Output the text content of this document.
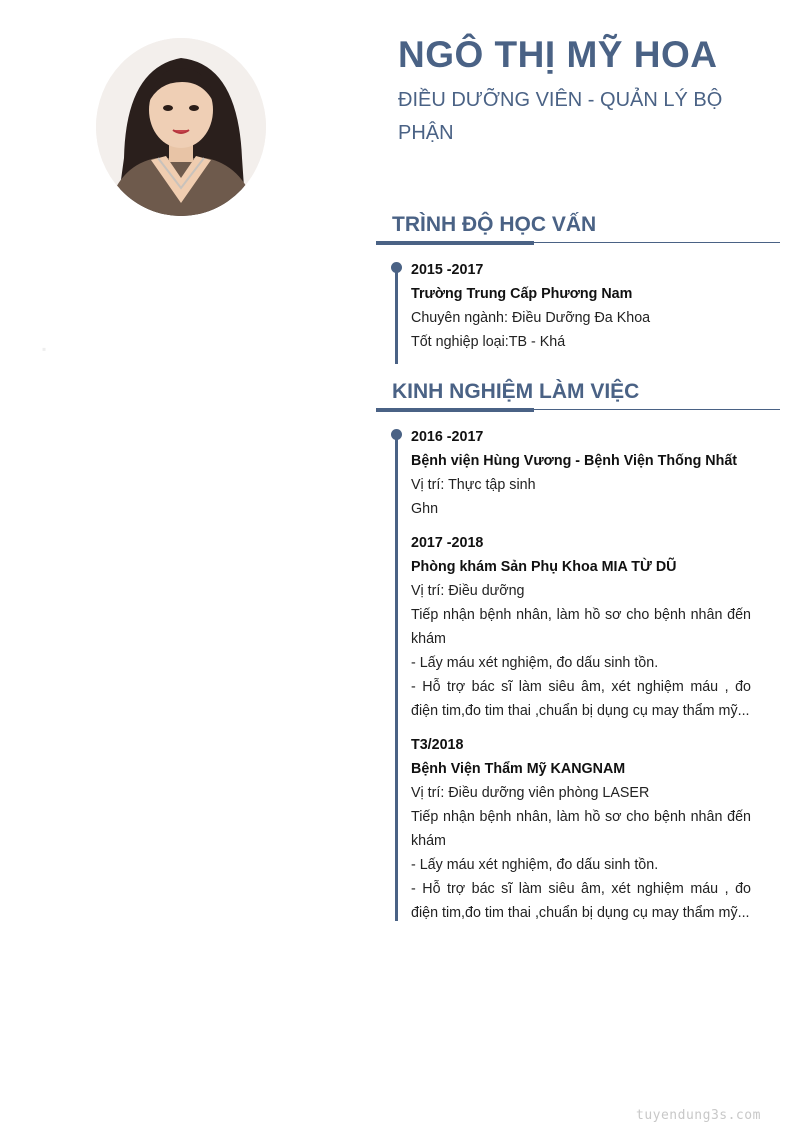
▪
NGÔ THỊ MỸ HOA

ĐIỀU DƯỠNG VIÊN - QUẢN LÝ BỘ PHẬN

TRÌNH ĐỘ HỌC VẤN

2015 -2017

Trường Trung Cấp Phương Nam

Chuyên ngành: Điều Dưỡng Đa Khoa

Tốt nghiệp loại:TB - Khá

KINH NGHIỆM LÀM VIỆC

2016 -2017

Bệnh viện Hùng Vương - Bệnh Viện Thống Nhất

Vị trí: Thực tập sinh

Ghn

2017 -2018

Phòng khám Sản Phụ Khoa MIA TỪ DŨ

Vị trí: Điều dưỡng

Tiếp nhận bệnh nhân, làm hồ sơ cho bệnh nhân đến khám

- Lấy máu xét nghiệm, đo dấu sinh tồn.

- Hỗ trợ bác sĩ làm siêu âm, xét nghiệm máu , đo điện tim,đo tim thai ,chuẩn bị dụng cụ may thẩm mỹ...

T3/2018

Bệnh Viện Thẩm Mỹ KANGNAM

Vị trí: Điều dưỡng viên phòng LASER

Tiếp nhận bệnh nhân, làm hồ sơ cho bệnh nhân đến khám

- Lấy máu xét nghiệm, đo dấu sinh tồn.

- Hỗ trợ bác sĩ làm siêu âm, xét nghiệm máu , đo điện tim,đo tim thai ,chuẩn bị dụng cụ may thẩm mỹ...

tuyendung3s.com
